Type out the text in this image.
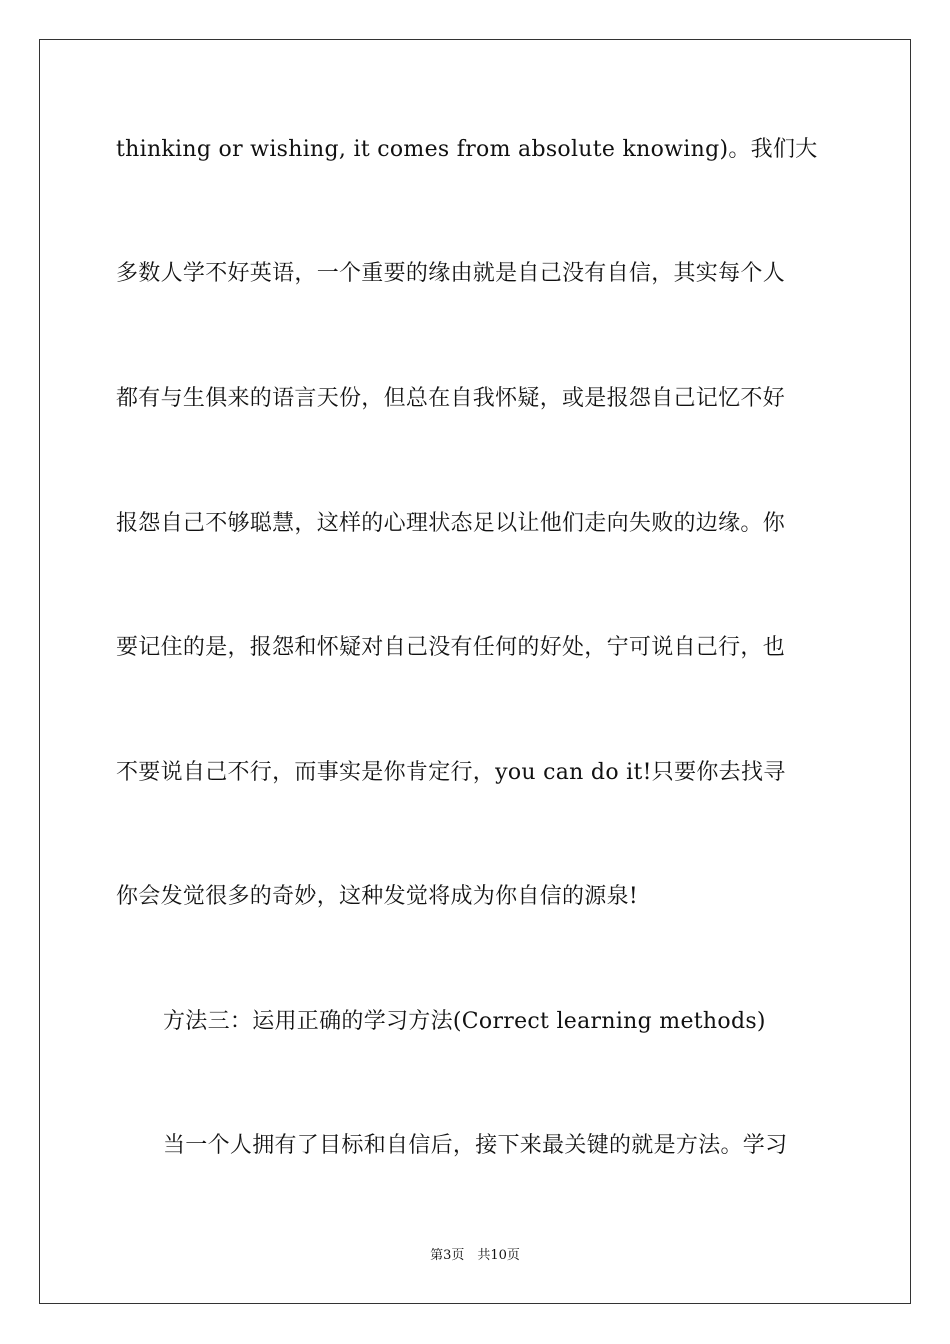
thinking or wishing, it comes from absolute knowing)。我们大
多数人学不好英语，一个重要的缘由就是自己没有自信，其实每个人
都有与生俱来的语言天份，但总在自我怀疑，或是报怨自己记忆不好
报怨自己不够聪慧，这样的心理状态足以让他们走向失败的边缘。你
要记住的是，报怨和怀疑对自己没有任何的好处，宁可说自己行，也
不要说自己不行，而事实是你肯定行，you can do it!只要你去找寻
你会发觉很多的奇妙，这种发觉将成为你自信的源泉!
方法三：运用正确的学习方法(Correct learning methods)
当一个人拥有了目标和自信后，接下来最关键的就是方法。学习
第3页　共10页
